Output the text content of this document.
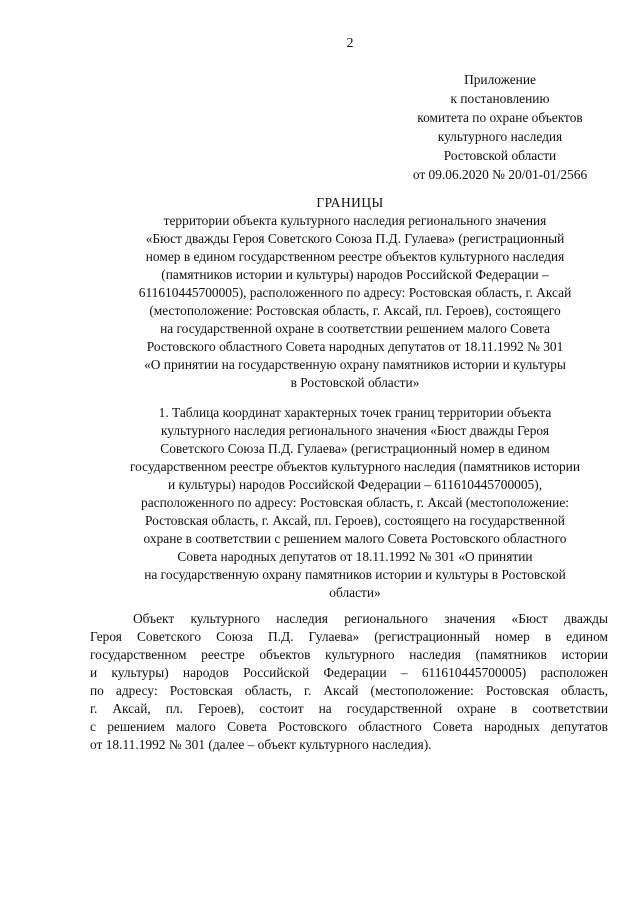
2
Приложение
к постановлению
комитета по охране объектов
культурного наследия
Ростовской области
от 09.06.2020 № 20/01-01/2566
ГРАНИЦЫ
территории объекта культурного наследия регионального значения
«Бюст дважды Героя Советского Союза П.Д. Гулаева» (регистрационный
номер в едином государственном реестре объектов культурного наследия
(памятников истории и культуры) народов Российской Федерации –
611610445700005), расположенного по адресу: Ростовская область, г. Аксай
(местоположение: Ростовская область, г. Аксай, пл. Героев), состоящего
на государственной охране в соответствии решением малого Совета
Ростовского областного Совета народных депутатов от 18.11.1992 № 301
«О принятии на государственную охрану памятников истории и культуры
в Ростовской области»
1. Таблица координат характерных точек границ территории объекта
культурного наследия регионального значения «Бюст дважды Героя
Советского Союза П.Д. Гулаева» (регистрационный номер в едином
государственном реестре объектов культурного наследия (памятников истории
и культуры) народов Российской Федерации – 611610445700005),
расположенного по адресу: Ростовская область, г. Аксай (местоположение:
Ростовская область, г. Аксай, пл. Героев), состоящего на государственной
охране в соответствии с решением малого Совета Ростовского областного
Совета народных депутатов от 18.11.1992 № 301 «О принятии
на государственную охрану памятников истории и культуры в Ростовской
области»
Объект культурного наследия регионального значения «Бюст дважды
Героя Советского Союза П.Д. Гулаева» (регистрационный номер в едином
государственном реестре объектов культурного наследия (памятников истории
и культуры) народов Российской Федерации – 611610445700005) расположен
по адресу: Ростовская область, г. Аксай (местоположение: Ростовская область,
г. Аксай, пл. Героев), состоит на государственной охране в соответствии
с решением малого Совета Ростовского областного Совета народных депутатов
от 18.11.1992 № 301 (далее – объект культурного наследия).
